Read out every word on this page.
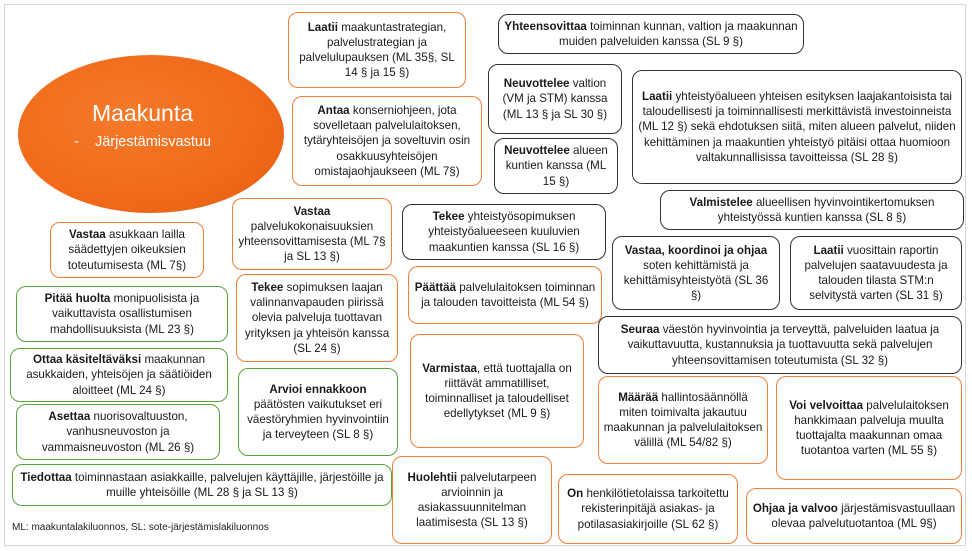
Maakunta
-    Järjestämisvastuu
Laatii maakuntastrategian, palvelustrategian ja palvelulupauksen (ML 35§, SL 14 § ja 15 §)
Antaa konserniohjeen, jota sovelletaan palvelulaitoksen, tytäryhteisöjen ja soveltuvin osin osakkuusyhteisöjen omistajaohjaukseen (ML 7§)
Yhteensovittaa toiminnan kunnan, valtion ja maakunnan muiden palveluiden kanssa (SL 9 §)
Neuvottelee valtion (VM ja STM) kanssa (ML 13 § ja SL 30 §)
Neuvottelee alueen kuntien kanssa (ML 15 §)
Laatii yhteistyöalueen yhteisen esityksen laajakantoisista tai taloudellisesti ja toiminnallisesti merkittävistä investoinneista (ML 12 §) sekä ehdotuksen siitä, miten alueen palvelut, niiden kehittäminen ja maakuntien yhteistyö pitäisi ottaa huomioon valtakunnallisissa tavoitteissa (SL 28 §)
Valmistelee alueellisen hyvinvointikertomuksen yhteistyössä kuntien kanssa (SL 8 §)
Vastaa asukkaan lailla säädettyjen oikeuksien toteutumisesta (ML 7§)
Vastaa palvelukokonaisuuksien yhteensovittamisesta (ML 7§ ja SL 13 §)
Tekee yhteistyösopimuksen yhteistyöalueeseen kuuluvien maakuntien kanssa (SL 16 §)	Vastaa, koordinoi ja ohjaa soten kehittämistä ja kehittämisyhteistyötä (SL 36 §)
Laatii vuosittain raportin palvelujen saatavuudesta ja talouden tilasta STM:n selvitystä varten (SL 31 §)
Pitää huolta monipuolisista ja vaikuttavista osallistumisen mahdollisuuksista (ML 23 §)
Tekee sopimuksen laajan valinnanvapauden piirissä olevia palveluja tuottavan yrityksen ja yhteisön kanssa (SL 24 §)
Päättää palvelulaitoksen toiminnan ja talouden tavoitteista (ML 54 §)
Seuraa väestön hyvinvointia ja terveyttä, palveluiden laatua ja vaikuttavuutta, kustannuksia ja tuottavuutta sekä palvelujen yhteensovittamisen toteutumista (SL 32 §)
Ottaa käsiteltäväksi maakunnan asukkaiden, yhteisöjen ja säätiöiden aloitteet (ML 24 §)	Arvioi ennakkoon päätösten vaikutukset eri väestöryhmien hyvinvointiin ja terveyteen (SL 8 §)
Varmistaa, että tuottajalla on riittävät ammatilliset, toiminnalliset ja taloudelliset edellytykset (ML 9 §)
Määrää hallintosäännöllä miten toimivalta jakautuu maakunnan ja palvelulaitoksen välillä (ML 54/82 §)
Voi velvoittaa palvelulaitoksen hankkimaan palveluja muulta tuottajalta maakunnan omaa tuotantoa varten (ML 55 §)
Asettaa nuorisovaltuuston, vanhusneuvoston ja vammaisneuvoston (ML 26 §)
Tiedottaa toiminnastaan asiakkaille, palvelujen käyttäjille, järjestöille ja muille yhteisöille (ML 28 § ja SL 13 §)
Huolehtii palvelutarpeen arvioinnin ja asiakassuunnitelman laatimisesta (SL 13 §)
On henkilötietolaissa tarkoitettu rekisterinpitäjä asiakas- ja potilasasiakirjoille (SL 62 §)
Ohjaa ja valvoo järjestämisvastuullaan olevaa palvelutuotantoa (ML 9§)
ML: maakuntalakiluonnos, SL: sote-järjestämislakiluonnos
